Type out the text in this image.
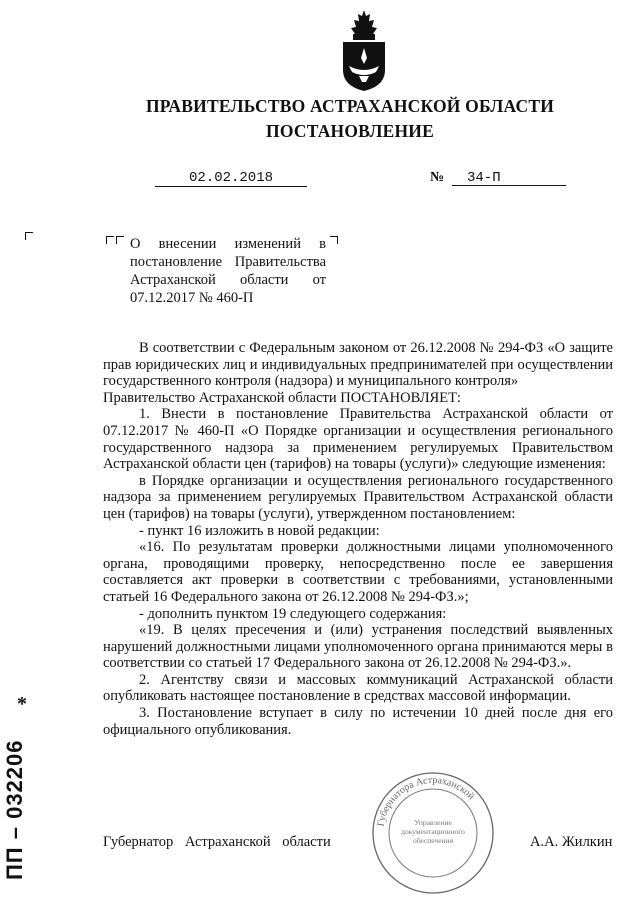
ПРАВИТЕЛЬСТВО АСТРАХАНСКОЙ ОБЛАСТИ
ПОСТАНОВЛЕНИЕ
02.02.2018	№	34-П
О внесении изменений в постановление Правительства Астраханской области от 07.12.2017 № 460-П

В соответствии с Федеральным законом от 26.12.2008 № 294-ФЗ «О защите прав юридических лиц и индивидуальных предпринимателей при осуществлении государственного контроля (надзора) и муниципального контроля»

Правительство Астраханской области ПОСТАНОВЛЯЕТ:

1. Внести в постановление Правительства Астраханской области от 07.12.2017 № 460-П «О Порядке организации и осуществления регионального государственного надзора за применением регулируемых Правительством Астраханской области цен (тарифов) на товары (услуги)» следующие изменения:

в Порядке организации и осуществления регионального государственного надзора за применением регулируемых Правительством Астраханской области цен (тарифов) на товары (услуги), утвержденном постановлением:

- пункт 16 изложить в новой редакции:

«16. По результатам проверки должностными лицами уполномоченного органа, проводящими проверку, непосредственно после ее завершения составляется акт проверки в соответствии с требованиями, установленными статьей 16 Федерального закона от 26.12.2008 № 294-ФЗ.»;

- дополнить пунктом 19 следующего содержания:

«19. В целях пресечения и (или) устранения последствий выявленных нарушений должностными лицами уполномоченного органа принимаются меры в соответствии со статьей 17 Федерального закона от 26.12.2008 № 294-ФЗ.».

2. Агентству связи и массовых коммуникаций Астраханской области опубликовать настоящее постановление в средствах массовой информации.

3. Постановление вступает в силу по истечении 10 дней после дня его официального опубликования.

Губернатора Астраханской
Управление
документационного
обеспечения
Губернатор Астраханской области	А.А. Жилкин
*
ПП – 032206
